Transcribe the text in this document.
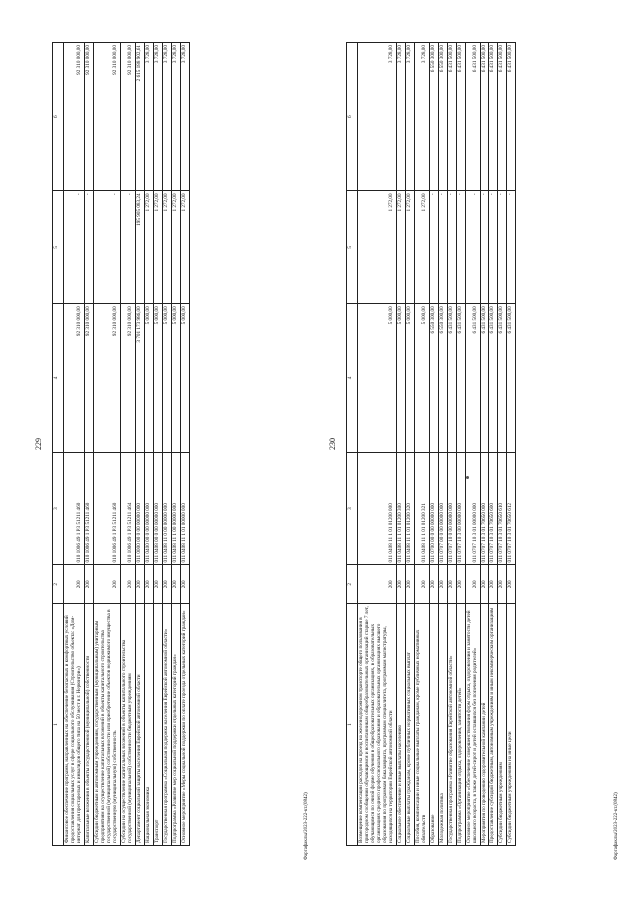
229
1	2	3	4	5	6
Финансовое обеспечение программ, направленных на обеспечение безопасных и комфортных условий предоставления социальных услуг в сфере социального обслуживания (Строительство объекта: «Дом-интернат для престарелых и инвалидов общего типа на 50 мест в г. Нерюнгри»)	200	010 1006 49 1 P3 51211 460	92 310 000,00	-	92 310 000,00
Капитальные вложения в объекты государственной (муниципальной) собственности	200	010 1006 49 1 P3 51211 460	92 310 000,00	-	92 310 000,00
Субсидии бюджетным и автономным учреждениям, государственным (муниципальным) унитарным предприятиям на осуществление капитальных вложений в объекты капитального строительства государственной (муниципальной) собственности или приобретение объектов недвижимого имущества в государственную (муниципальную) собственность	200	010 1006 49 1 P3 51211 460	92 310 000,00	-	92 310 000,00
Субсидии на осуществление капитальных вложений в объекты капитального строительства государственной (муниципальной) собственности бюджетным учреждениям	200	010 1006 49 1 P3 51211 464	92 310 000,00	-	92 310 000,00
Департамент социальной защиты населения Еврейской автономной области	200	011 0000 00 0 00 00000 000	3 701 173 986,00	195 905 083,24	2 615 188 902,61
Национальная экономика	200	011 0400 00 0 00 00000 000	5 000,00	1 272,00	3 728,00
Транспорт	200	011 0408 00 0 00 00000 000	5 000,00	1 272,00	3 728,00
Государственная программа «Социальная поддержка населения Еврейской автономной области»	200	011 0408 11 0 00 00000 000	5 000,00	1 272,00	3 728,00
Подпрограмма «Развитие мер социальной поддержки отдельных категорий граждан»	200	011 0408 11 1 00 00000 000	5 000,00	1 272,00	3 728,00
Основное мероприятие «Меры социальной поддержки по оплате проезда отдельных категорий граждан»	200	011 0408 11 1 01 00000 000	5 000,00	1 272,00	3 728,00
230
1	2	3	4	5	6
Возмещение компенсации расходов на проезд на железнодорожном транспорте общего пользования в пригородном сообщении обучающимся и воспитанникам общеобразовательных организаций старше 7 лет, обучающимся по очной форме обучения в общеобразовательных организациях, в образовательных организациях среднего профессионального образования и образовательных организациях высшего образования по программам бакалавриата, программам специалитета, программам магистратуры, находящихся на территории Еврейской автономной области	200	011 0408 11 1 01 01200 000	5 000,00	1 272,00	3 728,00
Социальное обеспечение и иные выплаты населению	200	011 0408 11 1 01 01200 300	5 000,00	1 272,00	3 728,00
Социальные выплаты гражданам, кроме публичных нормативных социальных выплат	200	011 0408 11 1 01 01200 320	5 000,00	1 272,00	3 728,00
Пособия, компенсации и иные социальные выплаты гражданам, кроме публичных нормативных обязательств	200	011 0408 11 1 01 01200 321	5 000,00	1 272,00	3 728,00
Образование	200	011 0700 00 0 00 00000 000	6 550 300,00	-	6 550 300,00
Молодежная политика	200	011 0707 00 0 00 00000 000	6 550 300,00	-	6 550 300,00
Государственная программа «Развитие образования Еврейской автономной области»	200	011 0707 10 0 00 00000 000	6 431 500,00	-	6 431 500,00
Подпрограмма «Организация отдыха, оздоровления, занятости детей»	200	011 0707 10 3 00 00000 000	6 431 500,00	-	6 431 500,00
Основное мероприятие «Обеспечение совершенствования форм отдыха, оздоровления и занятости детей школьного возраста, в также детей-сирот и детей оставшихся без попечения родителей»	200	011 0707 10 3 01 00000 000	6 431 500,00	-	6 431 500,00
Мероприятия по проведению оздоровительной кампании детей	200	011 0707 10 3 01 70650 000	6 431 500,00	-	6 431 500,00
Предоставление субсидий бюджетным, автономным учреждениям и иным некоммерческим организациям	200	011 0707 10 3 01 70650 600	6 431 500,00	-	6 431 500,00
Субсидии бюджетным учреждениям	200	011 0707 10 3 01 70650 610	6 431 500,00	-	6 431 500,00
Субсидии бюджетным учреждениям на иные цели	200	011 0707 10 3 01 70650 612	6 431 500,00	-	6 431 500,00
Фаргафаклы/2023-222-кт.(0842)	Фаргафаклы/2023-222-кт.(0842)
